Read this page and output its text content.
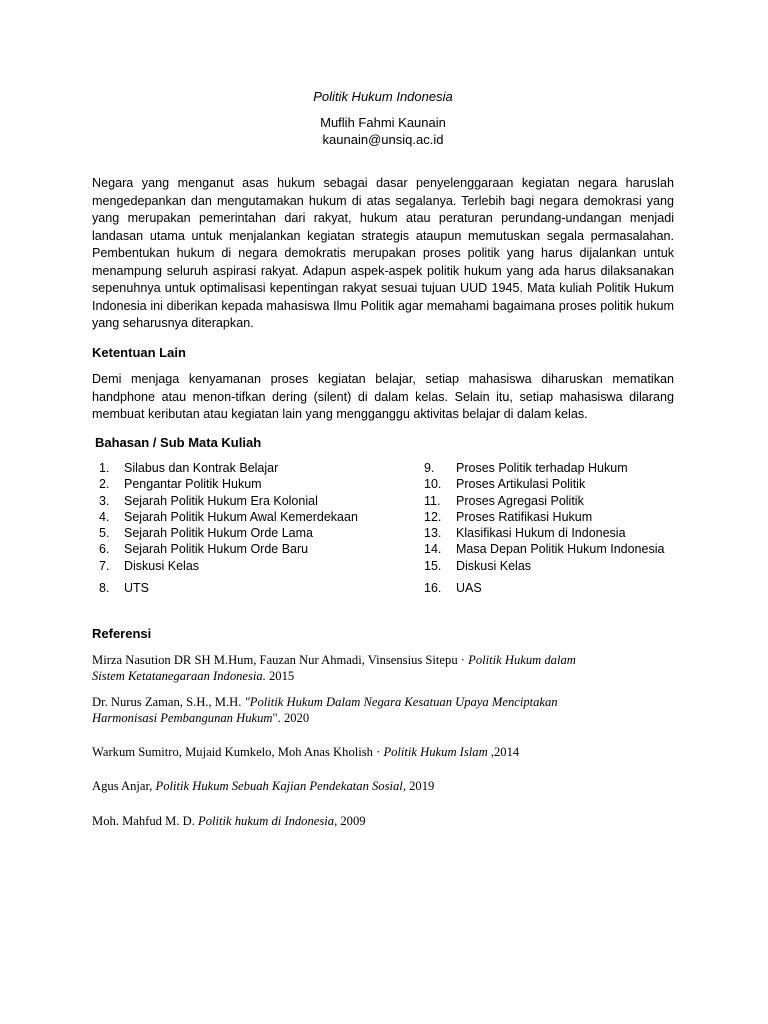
Politik Hukum Indonesia
Muflih Fahmi Kaunain
kaunain@unsiq.ac.id

Negara yang menganut asas hukum sebagai dasar penyelenggaraan kegiatan negara haruslah mengedepankan dan mengutamakan hukum di atas segalanya. Terlebih bagi negara demokrasi yang yang merupakan pemerintahan dari rakyat, hukum atau peraturan perundang-undangan menjadi landasan utama untuk menjalankan kegiatan strategis ataupun memutuskan segala permasalahan. Pembentukan hukum di negara demokratis merupakan proses politik yang harus dijalankan untuk menampung seluruh aspirasi rakyat. Adapun aspek-aspek politik hukum yang ada harus dilaksanakan sepenuhnya untuk optimalisasi kepentingan rakyat sesuai tujuan UUD 1945. Mata kuliah Politik Hukum Indonesia ini diberikan kepada mahasiswa Ilmu Politik agar memahami bagaimana proses politik hukum yang seharusnya diterapkan.

Ketentuan Lain

Demi menjaga kenyamanan proses kegiatan belajar, setiap mahasiswa diharuskan mematikan handphone atau menon-tifkan dering (silent) di dalam kelas. Selain itu, setiap mahasiswa dilarang membuat keributan atau kegiatan lain yang mengganggu aktivitas belajar di dalam kelas.

Bahasan / Sub Mata Kuliah
1. Silabus dan Kontrak Belajar
2. Pengantar Politik Hukum
3. Sejarah Politik Hukum Era Kolonial
4. Sejarah Politik Hukum Awal Kemerdekaan
5. Sejarah Politik Hukum Orde Lama
6. Sejarah Politik Hukum Orde Baru
7. Diskusi Kelas
8. UTS
9. Proses Politik terhadap Hukum
10. Proses Artikulasi Politik
11. Proses Agregasi Politik
12. Proses Ratifikasi Hukum
13. Klasifikasi Hukum di Indonesia
14. Masa Depan Politik Hukum Indonesia
15. Diskusi Kelas
16. UAS
Referensi
Mirza Nasution DR SH M.Hum, Fauzan Nur Ahmadi, Vinsensius Sitepu · Politik Hukum dalam
Sistem Ketatanegaraan Indonesia. 2015
Dr. Nurus Zaman, S.H., M.H. "Politik Hukum Dalam Negara Kesatuan Upaya Menciptakan
Harmonisasi Pembangunan Hukum". 2020
Warkum Sumitro, Mujaid Kumkelo, Moh Anas Kholish · Politik Hukum Islam ,2014
Agus Anjar, Politik Hukum Sebuah Kajian Pendekatan Sosial, 2019
Moh. Mahfud M. D. Politik hukum di Indonesia, 2009
